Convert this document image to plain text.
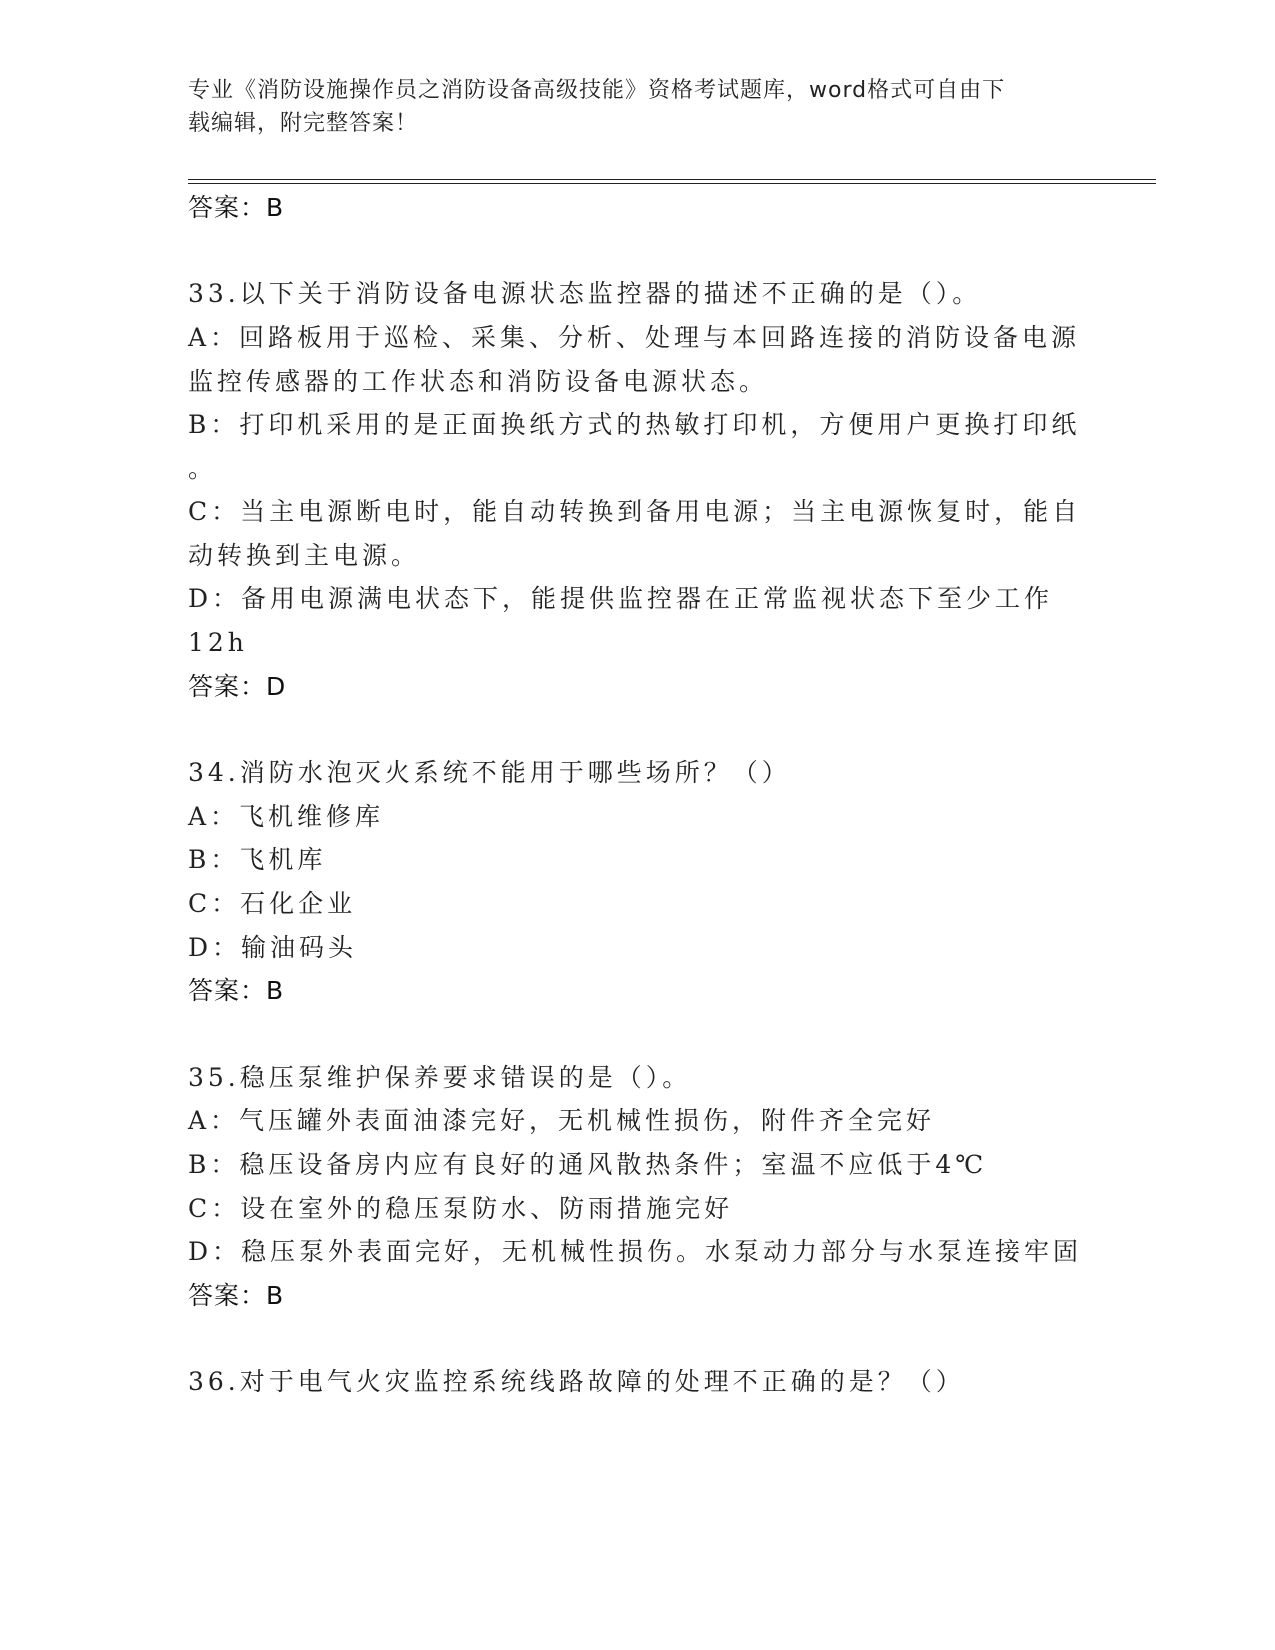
专业《消防设施操作员之消防设备高级技能》资格考试题库，word格式可自由下
载编辑，附完整答案！
答案：B
33.以下关于消防设备电源状态监控器的描述不正确的是（）。
A：回路板用于巡检、采集、分析、处理与本回路连接的消防设备电源
监控传感器的工作状态和消防设备电源状态。
B：打印机采用的是正面换纸方式的热敏打印机，方便用户更换打印纸
。
C：当主电源断电时，能自动转换到备用电源；当主电源恢复时，能自
动转换到主电源。
D：备用电源满电状态下，能提供监控器在正常监视状态下至少工作
12h
答案：D
34.消防水泡灭火系统不能用于哪些场所？（）
A：飞机维修库
B：飞机库
C：石化企业
D：输油码头
答案：B
35.稳压泵维护保养要求错误的是（）。
A：气压罐外表面油漆完好，无机械性损伤，附件齐全完好
B：稳压设备房内应有良好的通风散热条件；室温不应低于4℃
C：设在室外的稳压泵防水、防雨措施完好
D：稳压泵外表面完好，无机械性损伤。水泵动力部分与水泵连接牢固
答案：B
36.对于电气火灾监控系统线路故障的处理不正确的是？（）
